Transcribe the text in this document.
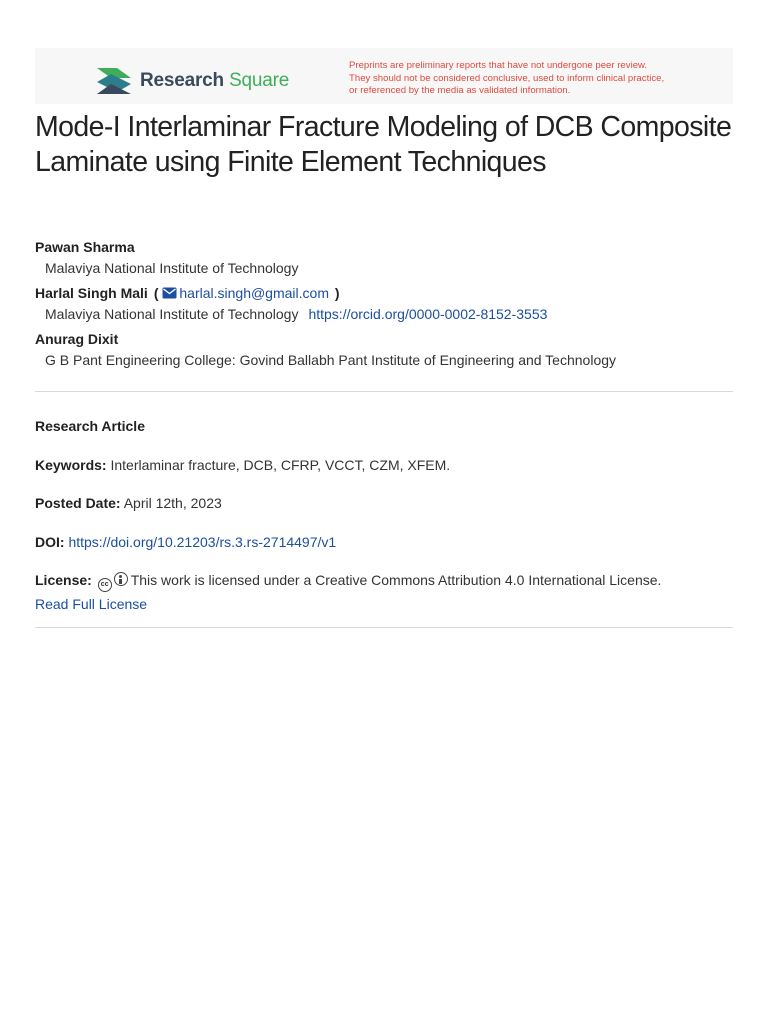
Research Square
Preprints are preliminary reports that have not undergone peer review.
They should not be considered conclusive, used to inform clinical practice,
or referenced by the media as validated information.
Mode-I Interlaminar Fracture Modeling of DCB Composite Laminate using Finite Element Techniques
Pawan Sharma
Malaviya National Institute of Technology
Harlal Singh Mali ( harlal.singh@gmail.com )
Malaviya National Institute of Technology https://orcid.org/0000-0002-8152-3553
Anurag Dixit
G B Pant Engineering College: Govind Ballabh Pant Institute of Engineering and Technology
Research Article
Keywords: Interlaminar fracture, DCB, CFRP, VCCT, CZM, XFEM.
Posted Date: April 12th, 2023
DOI: https://doi.org/10.21203/rs.3.rs-2714497/v1
License: cc This work is licensed under a Creative Commons Attribution 4.0 International License.
Read Full License
